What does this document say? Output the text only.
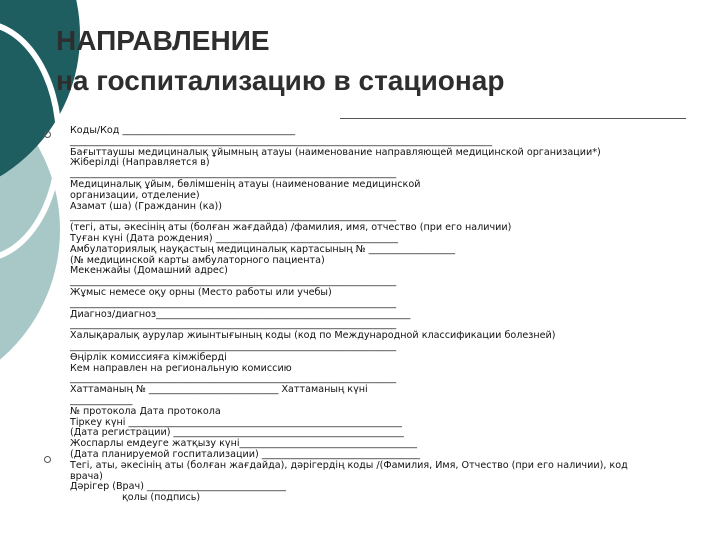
НАПРАВЛЕНИЕ
на госпитализацию в стационар
Коды/Код ____________________________________
________________________________________________________________________________________
Бағыттаушы медициналық ұйымның атауы (наименование направляющей медицинской организации*)
Жіберілді (Направляется в)
____________________________________________________________________
Медициналық ұйым, бөлімшенің атауы (наименование медицинской
организации, отделение)
Азамат (ша) (Гражданин (ка))
____________________________________________________________________
(тегі, аты, әкесінің аты (болған жағдайда) /фамилия, имя, отчество (при его наличии)
Туған күні (Дата рождения) ______________________________________
Амбулаториялық науқастың медициналық картасының № __________________
(№ медицинской карты амбулаторного пациента)
Мекенжайы (Домашний адрес)
____________________________________________________________________
Жұмыс немесе оқу орны (Место работы или учебы)
____________________________________________________________________
Диагноз/диагноз_____________________________________________________
____________________________________________________________________
Халықаралық аурулар жиынтығының коды (код по Международной классификации болезней)
____________________________________________________________________
Өңірлік комиссияға кімжіберді
Кем направлен на региональную комиссию
____________________________________________________________________
Хаттаманың № ___________________________ Хаттаманың күні
_____________
№ протокола Дата протокола
Тіркеу күні _________________________________________________________
(Дата регистрации) ________________________________________________
Жоспарлы емдеуге жатқызу күні_____________________________________
(Дата планируемой госпитализации) _________________________________
Тегі, аты, әкесінің аты (болған жағдайда), дәрігердің коды /(Фамилия, Имя, Отчество (при его наличии), код врача)
Дәрігер (Врач) _____________________________
қолы (подпись)
